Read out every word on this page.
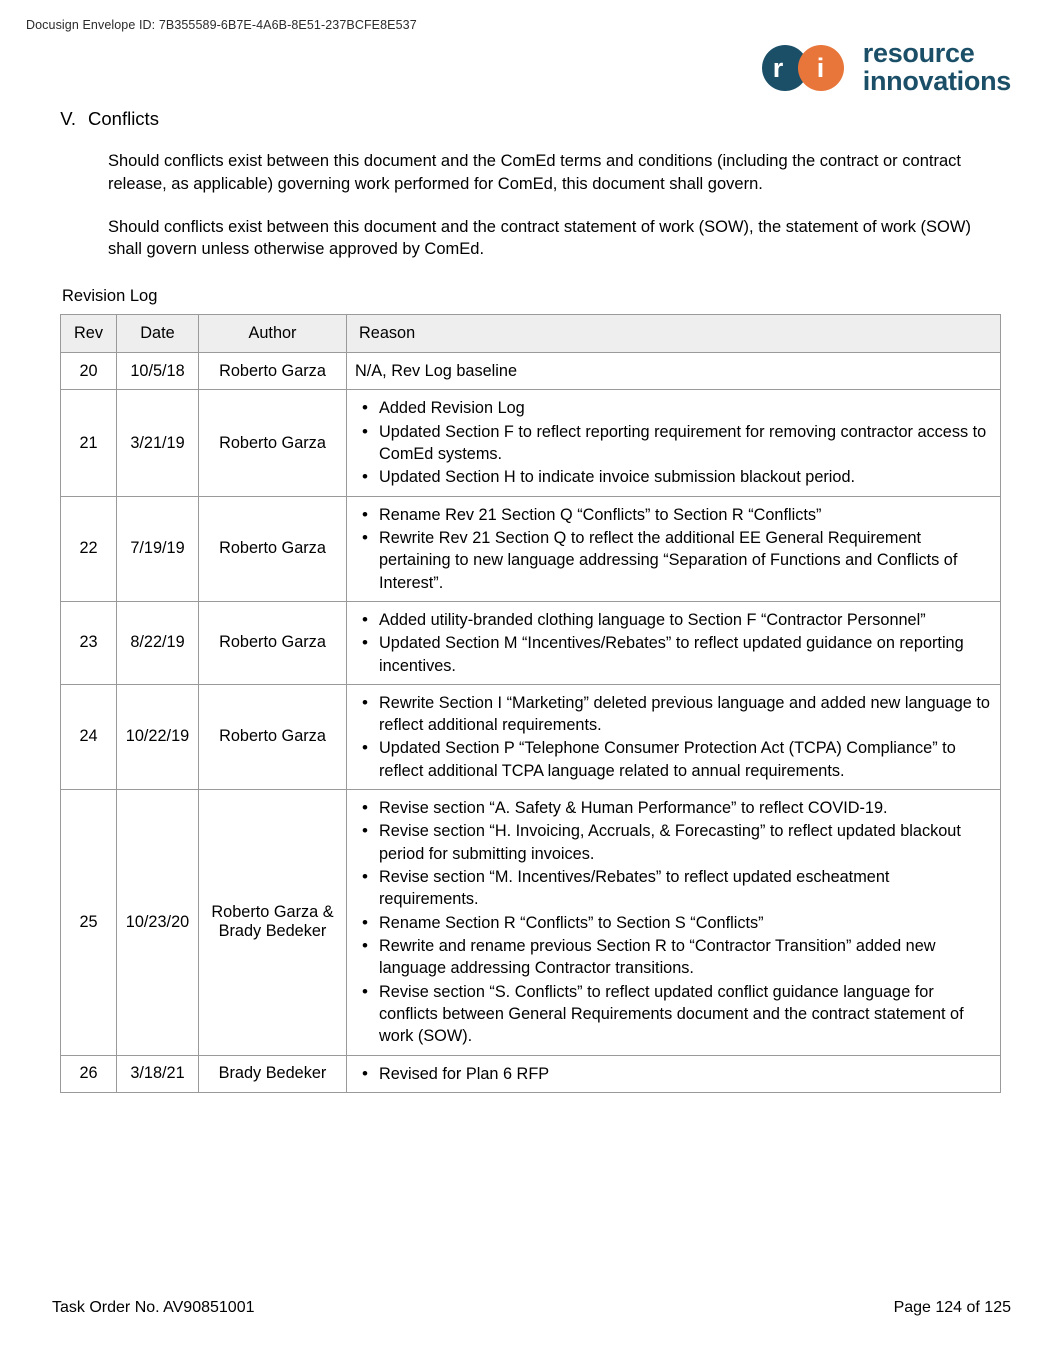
Docusign Envelope ID: 7B355589-6B7E-4A6B-8E51-237BCFE8E537
r i resource
innovations
V. Conflicts
Should conflicts exist between this document and the ComEd terms and conditions (including the contract or contract release, as applicable) governing work performed for ComEd, this document shall govern.
Should conflicts exist between this document and the contract statement of work (SOW), the statement of work (SOW) shall govern unless otherwise approved by ComEd.
Revision Log
Rev	Date	Author	Reason
20	10/5/18	Roberto Garza	N/A, Rev Log baseline
21	3/21/19	Roberto Garza	
• Added Revision Log
• Updated Section F to reflect reporting requirement for removing contractor access to ComEd systems.
• Updated Section H to indicate invoice submission blackout period.

22	7/19/19	Roberto Garza	
• Rename Rev 21 Section Q “Conflicts” to Section R “Conflicts”
• Rewrite Rev 21 Section Q to reflect the additional EE General Requirement pertaining to new language addressing “Separation of Functions and Conflicts of Interest”.

23	8/22/19	Roberto Garza	
• Added utility-branded clothing language to Section F “Contractor Personnel”
• Updated Section M “Incentives/Rebates” to reflect updated guidance on reporting incentives.

24	10/22/19	Roberto Garza	
• Rewrite Section I “Marketing” deleted previous language and added new language to reflect additional requirements.
• Updated Section P “Telephone Consumer Protection Act (TCPA) Compliance” to reflect additional TCPA language related to annual requirements.

25	10/23/20	Roberto Garza & Brady Bedeker	
• Revise section “A. Safety & Human Performance” to reflect COVID-19.
• Revise section “H. Invoicing, Accruals, & Forecasting” to reflect updated blackout period for submitting invoices.
• Revise section “M. Incentives/Rebates” to reflect updated escheatment requirements.
• Rename Section R “Conflicts” to Section S “Conflicts”
• Rewrite and rename previous Section R to “Contractor Transition” added new language addressing Contractor transitions.
• Revise section “S. Conflicts” to reflect updated conflict guidance language for conflicts between General Requirements document and the contract statement of work (SOW).

26	3/18/21	Brady Bedeker	
•Revised for Plan 6 RFP
Task Order No. AV90851001	Page 124 of 125
